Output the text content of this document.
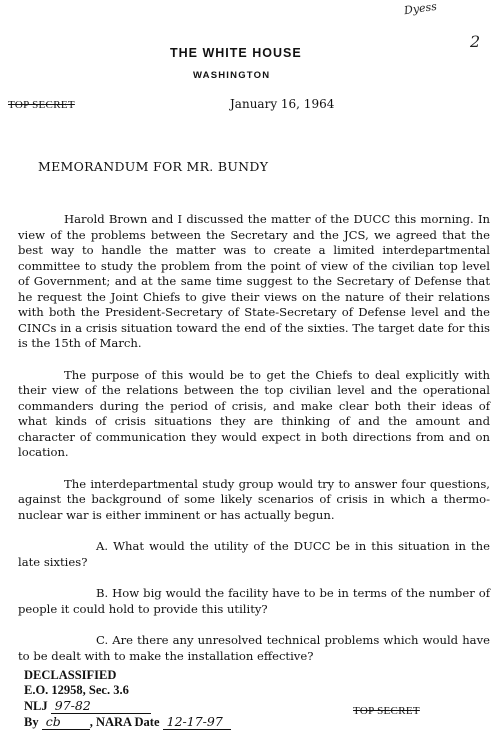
Dyess
2
THE WHITE HOUSE
WASHINGTON
TOP SECRET	January 16, 1964
MEMORANDUM FOR MR. BUNDY

Harold Brown and I discussed the matter of the DUCC this morning. In view of the problems between the Secretary and the JCS, we agreed that the best way to handle the matter was to create a limited interdepartmental committee to study the problem from the point of view of the civilian top level of Government; and at the same time suggest to the Secretary of Defense that he request the Joint Chiefs to give their views on the nature of their relations with both the President-Secretary of State-Secretary of Defense level and the CINCs in a crisis situation toward the end of the sixties. The target date for this is the 15th of March.

The purpose of this would be to get the Chiefs to deal explicitly with their view of the relations between the top civilian level and the operational commanders during the period of crisis, and make clear both their ideas of what kinds of crisis situations they are thinking of and the amount and character of communication they would expect in both directions from and on location.

The interdepartmental study group would try to answer four questions, against the background of some likely scenarios of crisis in which a thermo-nuclear war is either imminent or has actually begun.

A. What would the utility of the DUCC be in this situation in the late sixties?

B. How big would the facility have to be in terms of the number of people it could hold to provide this utility?

C. Are there any unresolved technical problems which would have to be dealt with to make the installation effective?

DECLASSIFIED
E.O. 12958, Sec. 3.6
NLJ 97-82
By cb , NARA Date 12-17-97
TOP SECRET
